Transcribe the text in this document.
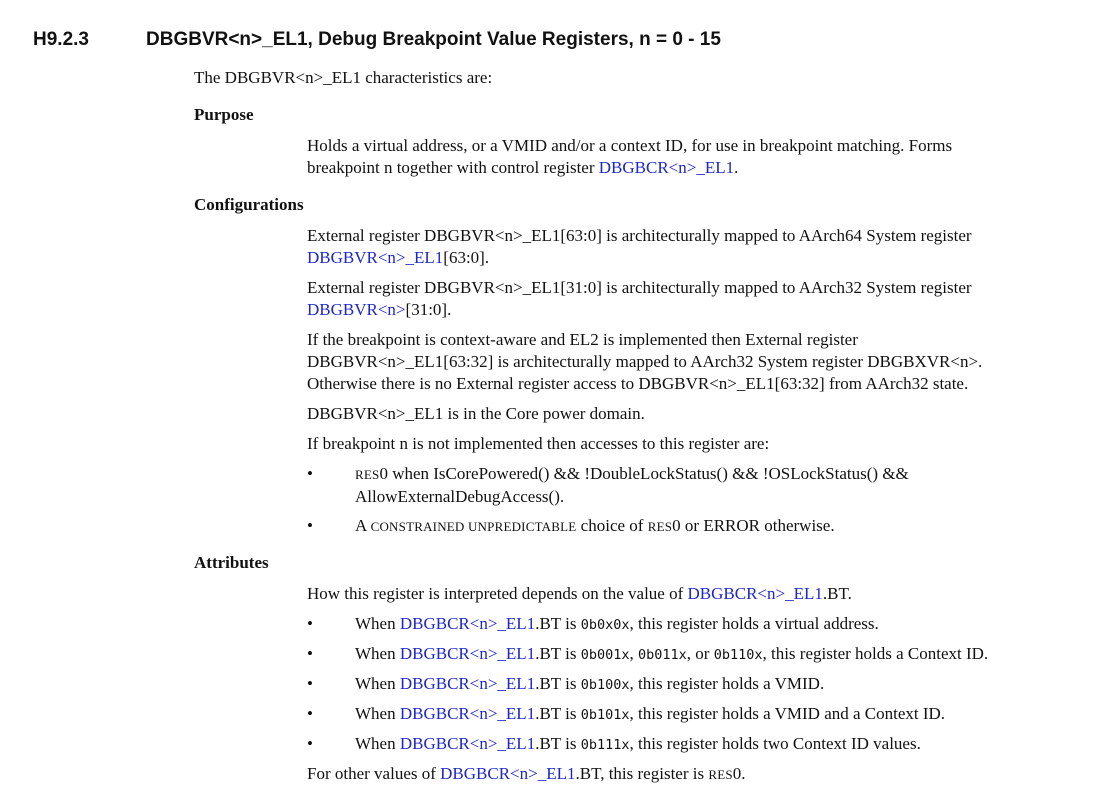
H9.2.3	DBGBVR<n>_EL1, Debug Breakpoint Value Registers, n = 0 - 15
The DBGBVR<n>_EL1 characteristics are:
Purpose
Holds a virtual address, or a VMID and/or a context ID, for use in breakpoint matching. Forms
breakpoint n together with control register DBGBCR<n>_EL1.
Configurations
External register DBGBVR<n>_EL1[63:0] is architecturally mapped to AArch64 System register
DBGBVR<n>_EL1[63:0].
External register DBGBVR<n>_EL1[31:0] is architecturally mapped to AArch32 System register
DBGBVR<n>[31:0].
If the breakpoint is context-aware and EL2 is implemented then External register
DBGBVR<n>_EL1[63:32] is architecturally mapped to AArch32 System register DBGBXVR<n>.
Otherwise there is no External register access to DBGBVR<n>_EL1[63:32] from AArch32 state.
DBGBVR<n>_EL1 is in the Core power domain.
If breakpoint n is not implemented then accesses to this register are:
•	RES0 when IsCorePowered() && !DoubleLockStatus() && !OSLockStatus() &&
AllowExternalDebugAccess().
• A CONSTRAINED UNPREDICTABLE choice of RES0 or ERROR otherwise.
Attributes
How this register is interpreted depends on the value of DBGBCR<n>_EL1.BT.
• When DBGBCR<n>_EL1.BT is 0b0x0x, this register holds a virtual address.
• When DBGBCR<n>_EL1.BT is 0b001x, 0b011x, or 0b110x, this register holds a Context ID.
• When DBGBCR<n>_EL1.BT is 0b100x, this register holds a VMID.
• When DBGBCR<n>_EL1.BT is 0b101x, this register holds a VMID and a Context ID.
• When DBGBCR<n>_EL1.BT is 0b111x, this register holds two Context ID values.
For other values of DBGBCR<n>_EL1.BT, this register is RES0.
